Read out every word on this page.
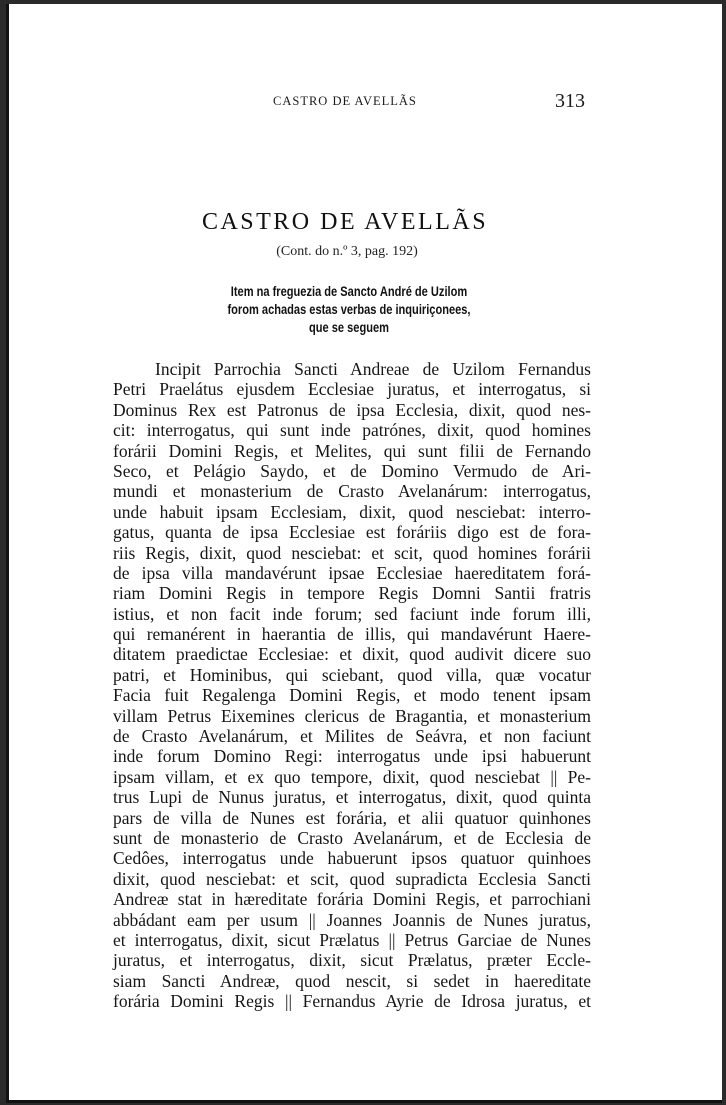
CASTRO DE AVELLÃS	313
CASTRO DE AVELLÃS
(Cont. do n.º 3, pag. 192)
Item na freguezia de Sancto André de Uzilom
forom achadas estas verbas de inquiriçonees,
que se seguem
Incipit Parrochia Sancti Andreae de Uzilom Fernandus
Petri Praelátus ejusdem Ecclesiae juratus, et interrogatus, si
Dominus Rex est Patronus de ipsa Ecclesia, dixit, quod nes-
cit: interrogatus, qui sunt inde patrónes, dixit, quod homines
forárii Domini Regis, et Melites, qui sunt filii de Fernando
Seco, et Pelágio Saydo, et de Domino Vermudo de Ari-
mundi et monasterium de Crasto Avelanárum: interrogatus,
unde habuit ipsam Ecclesiam, dixit, quod nesciebat: interro-
gatus, quanta de ipsa Ecclesiae est foráriis digo est de fora-
riis Regis, dixit, quod nesciebat: et scit, quod homines forárii
de ipsa villa mandavérunt ipsae Ecclesiae haereditatem forá-
riam Domini Regis in tempore Regis Domni Santii fratris
istius, et non facit inde forum; sed faciunt inde forum illi,
qui remanérent in haerantia de illis, qui mandavérunt Haere-
ditatem praedictae Ecclesiae: et dixit, quod audivit dicere suo
patri, et Hominibus, qui sciebant, quod villa, quæ vocatur
Facia fuit Regalenga Domini Regis, et modo tenent ipsam
villam Petrus Eixemines clericus de Bragantia, et monasterium
de Crasto Avelanárum, et Milites de Seávra, et non faciunt
inde forum Domino Regi: interrogatus unde ipsi habuerunt
ipsam villam, et ex quo tempore, dixit, quod nesciebat || Pe-
trus Lupi de Nunus juratus, et interrogatus, dixit, quod quinta
pars de villa de Nunes est forária, et alii quatuor quinhones
sunt de monasterio de Crasto Avelanárum, et de Ecclesia de
Cedôes, interrogatus unde habuerunt ipsos quatuor quinhoes
dixit, quod nesciebat: et scit, quod supradicta Ecclesia Sancti
Andreæ stat in hæreditate forária Domini Regis, et parrochiani
abbádant eam per usum || Joannes Joannis de Nunes juratus,
et interrogatus, dixit, sicut Prælatus || Petrus Garciae de Nunes
juratus, et interrogatus, dixit, sicut Prælatus, præter Eccle-
siam Sancti Andreæ, quod nescit, si sedet in haereditate
forária Domini Regis || Fernandus Ayrie de Idrosa juratus, et
